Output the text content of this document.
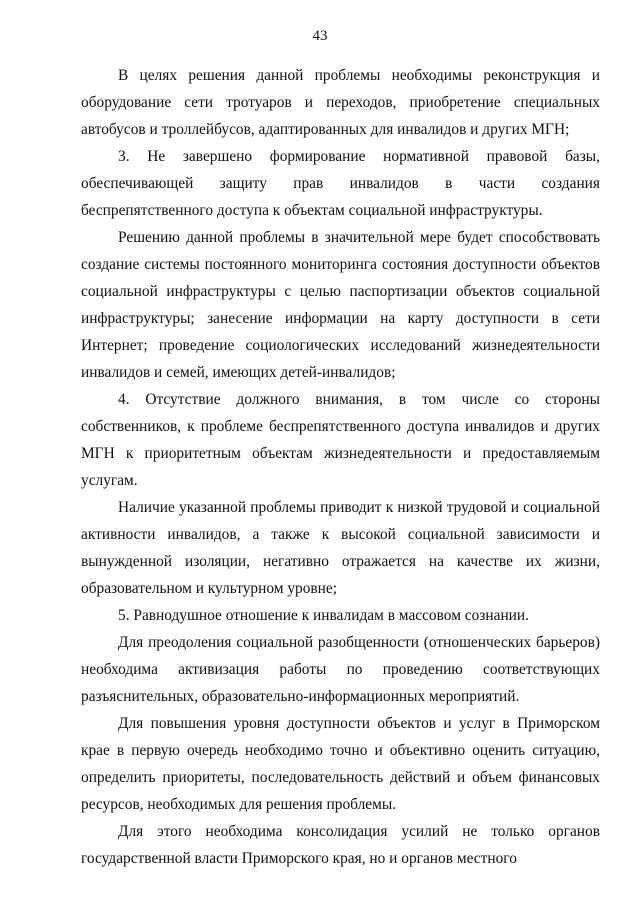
43

В целях решения данной проблемы необходимы реконструкция и оборудование сети тротуаров и переходов, приобретение специальных автобусов и троллейбусов, адаптированных для инвалидов и других МГН;

3. Не завершено формирование нормативной правовой базы, обеспечивающей защиту прав инвалидов в части создания беспрепятственного доступа к объектам социальной инфраструктуры.

Решению данной проблемы в значительной мере будет способствовать создание системы постоянного мониторинга состояния доступности объектов социальной инфраструктуры с целью паспортизации объектов социальной инфраструктуры; занесение информации на карту доступности в сети Интернет; проведение социологических исследований жизнедеятельности инвалидов и семей, имеющих детей-инвалидов;

4. Отсутствие должного внимания, в том числе со стороны собственников, к проблеме беспрепятственного доступа инвалидов и других МГН к приоритетным объектам жизнедеятельности и предоставляемым услугам.

Наличие указанной проблемы приводит к низкой трудовой и социальной активности инвалидов, а также к высокой социальной зависимости и вынужденной изоляции, негативно отражается на качестве их жизни, образовательном и культурном уровне;

5. Равнодушное отношение к инвалидам в массовом сознании.

Для преодоления социальной разобщенности (отношенческих барьеров) необходима активизация работы по проведению соответствующих разъяснительных, образовательно-информационных мероприятий.

Для повышения уровня доступности объектов и услуг в Приморском крае в первую очередь необходимо точно и объективно оценить ситуацию, определить приоритеты, последовательность действий и объем финансовых ресурсов, необходимых для решения проблемы.

Для этого необходима консолидация усилий не только органов государственной власти Приморского края, но и органов местного
